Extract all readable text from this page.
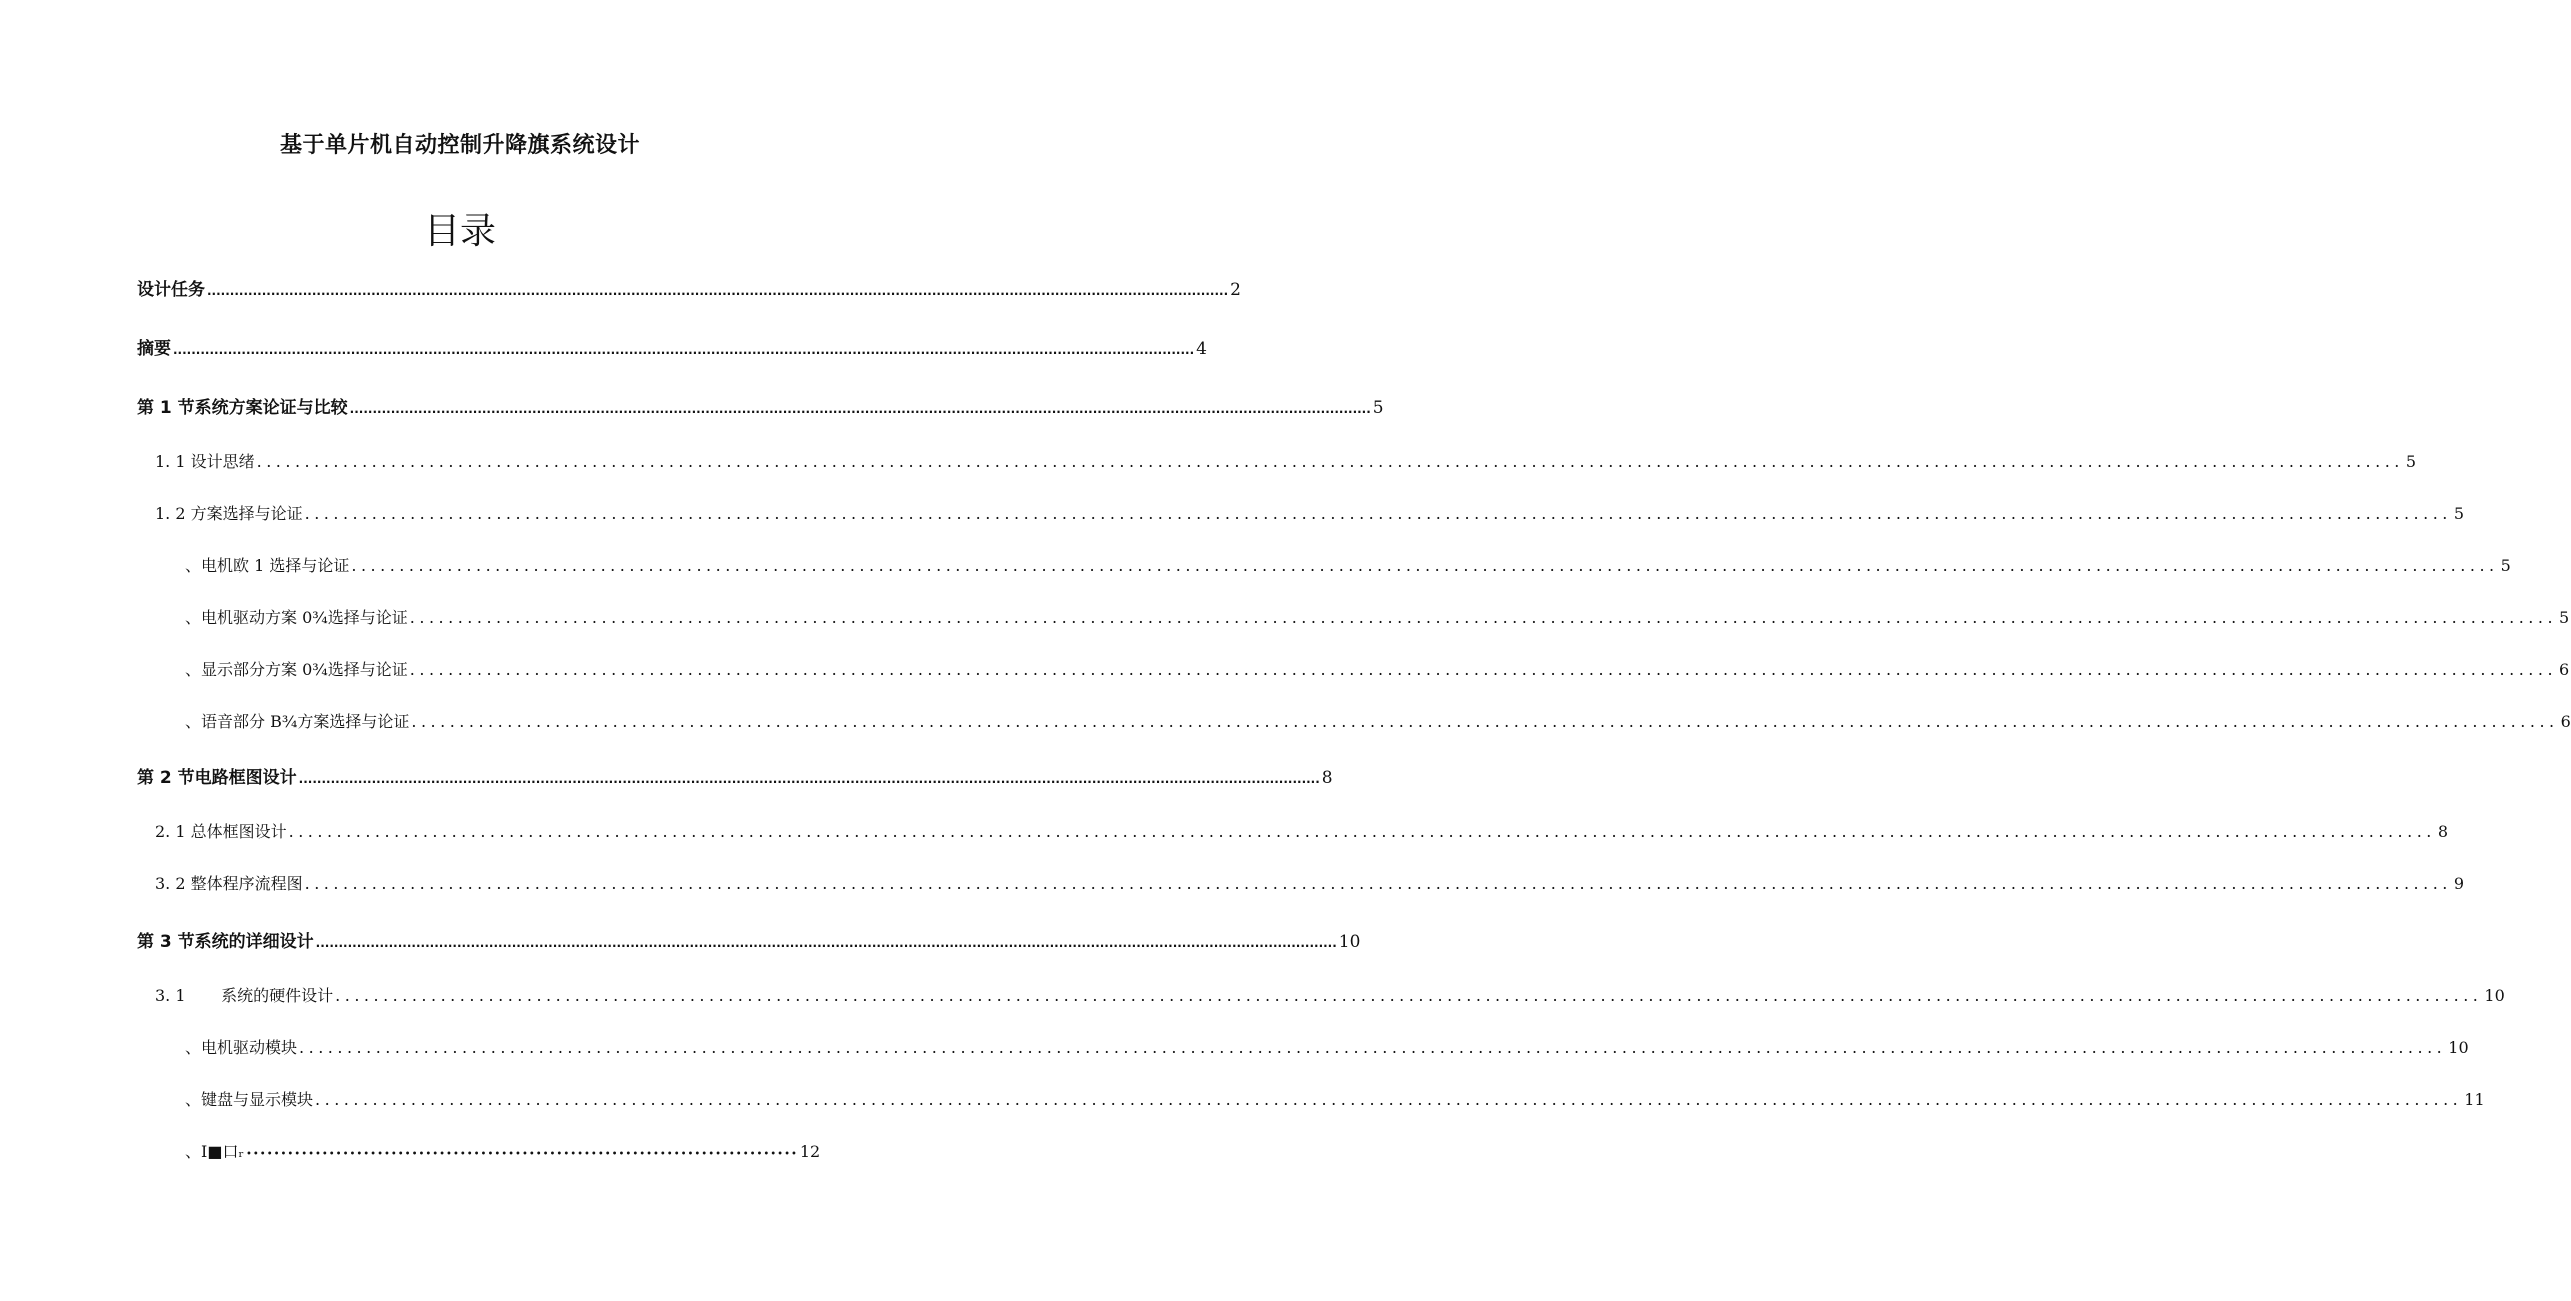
基于单片机自动控制升降旗系统设计
目录
设计任务 ................................................................................................................................................................................................................................ 2
摘要 ................................................................................................................................................................................................................................ 4
第 1 节系统方案论证与比较 ................................................................................................................................................................................................................................ 5
1. 1 设计思绪 ................................................................................................................................................................................................................................ 5
1. 2 方案选择与论证 ................................................................................................................................................................................................................................ 5
、电机欧 1 选择与论证 ................................................................................................................................................................................................................................ 5
、电机驱动方案 0¾选择与论证 ................................................................................................................................................................................................................................ 5
、显示部分方案 0¾选择与论证 ................................................................................................................................................................................................................................ 6
、语音部分 B¾方案选择与论证 ................................................................................................................................................................................................................................ 6
第 2 节电路框图设计 ................................................................................................................................................................................................................................ 8
2. 1 总体框图设计 ................................................................................................................................................................................................................................ 8
3. 2 整体程序流程图 ................................................................................................................................................................................................................................ 9
第 3 节系统的详细设计 ................................................................................................................................................................................................................................ 10
3. 1       系统的硬件设计 ................................................................................................................................................................................................................................ 10
、电机驱动模块 ................................................................................................................................................................................................................................ 10
、键盘与显示模块 ................................................................................................................................................................................................................................ 11
、I■口ᵣ •••••••••••••••••••••••••••••••••••••••••••••••••••••••••••••••••••••••••••••••• 12
